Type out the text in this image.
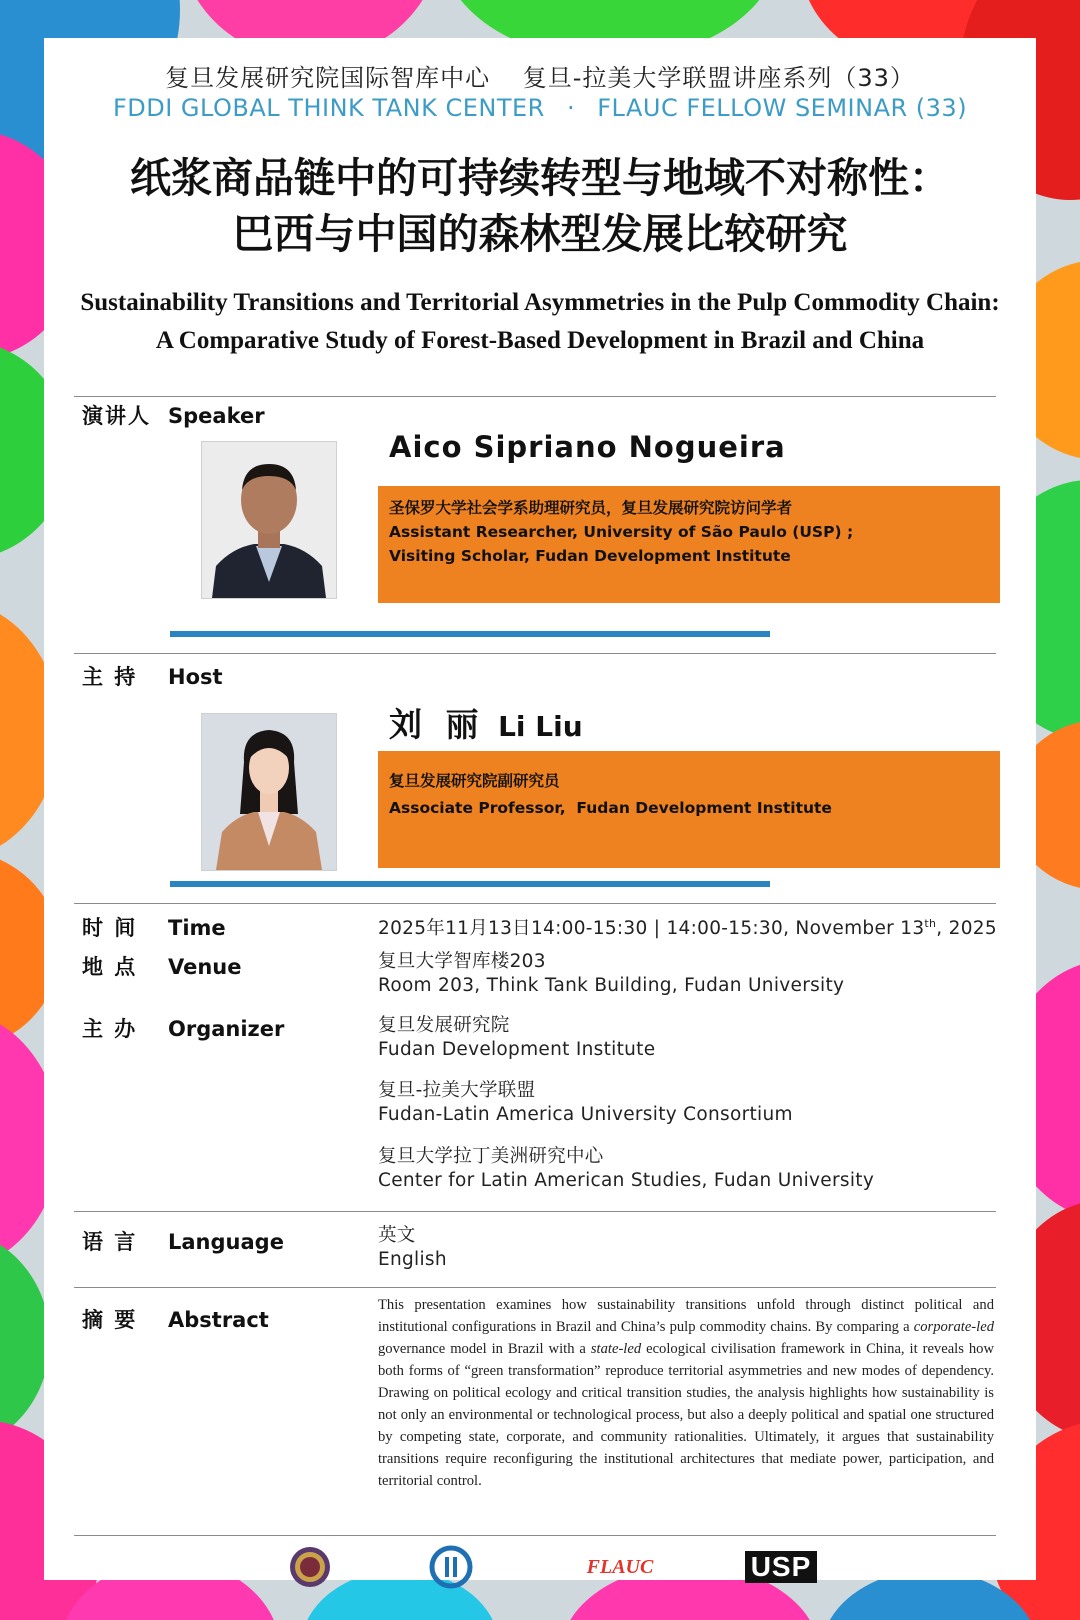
复旦发展研究院国际智库中心 复旦-拉美大学联盟讲座系列（33）
FDDI GLOBAL THINK TANK CENTER · FLAUC FELLOW SEMINAR (33)
纸浆商品链中的可持续转型与地域不对称性：
巴西与中国的森林型发展比较研究
Sustainability Transitions and Territorial Asymmetries in the Pulp Commodity Chain:
A Comparative Study of Forest-Based Development in Brazil and China
演讲人 Speaker
Aico Sipriano Nogueira
圣保罗大学社会学系助理研究员，复旦发展研究院访问学者
Assistant Researcher, University of São Paulo (USP) ;
Visiting Scholar, Fudan Development Institute
主 持 Host
刘 丽 Li Liu
复旦发展研究院副研究员
Associate Professor,  Fudan Development Institute
时 间 Time	2025年11月13日14:00-15:30 | 14:00-15:30, November 13th, 2025
地 点 Venue	复旦大学智库楼203
Room 203, Think Tank Building, Fudan University
主 办 Organizer	复旦发展研究院
Fudan Development Institute
复旦-拉美大学联盟
Fudan-Latin America University Consortium
复旦大学拉丁美洲研究中心
Center for Latin American Studies, Fudan University
语 言 Language	英文
English
摘 要 Abstract
This presentation examines how sustainability transitions unfold through distinct political and institutional configurations in Brazil and China’s pulp commodity chains. By comparing a corporate-led governance model in Brazil with a state-led ecological civilisation framework in China, it reveals how both forms of “green transformation” reproduce territorial asymmetries and new modes of dependency. Drawing on political ecology and critical transition studies, the analysis highlights how sustainability is not only an environmental or technological process, but also a deeply political and spatial one structured by competing state, corporate, and community rationalities. Ultimately, it argues that sustainability transitions require reconfiguring the institutional architectures that mediate power, participation, and territorial control.
FLAUC	USP
